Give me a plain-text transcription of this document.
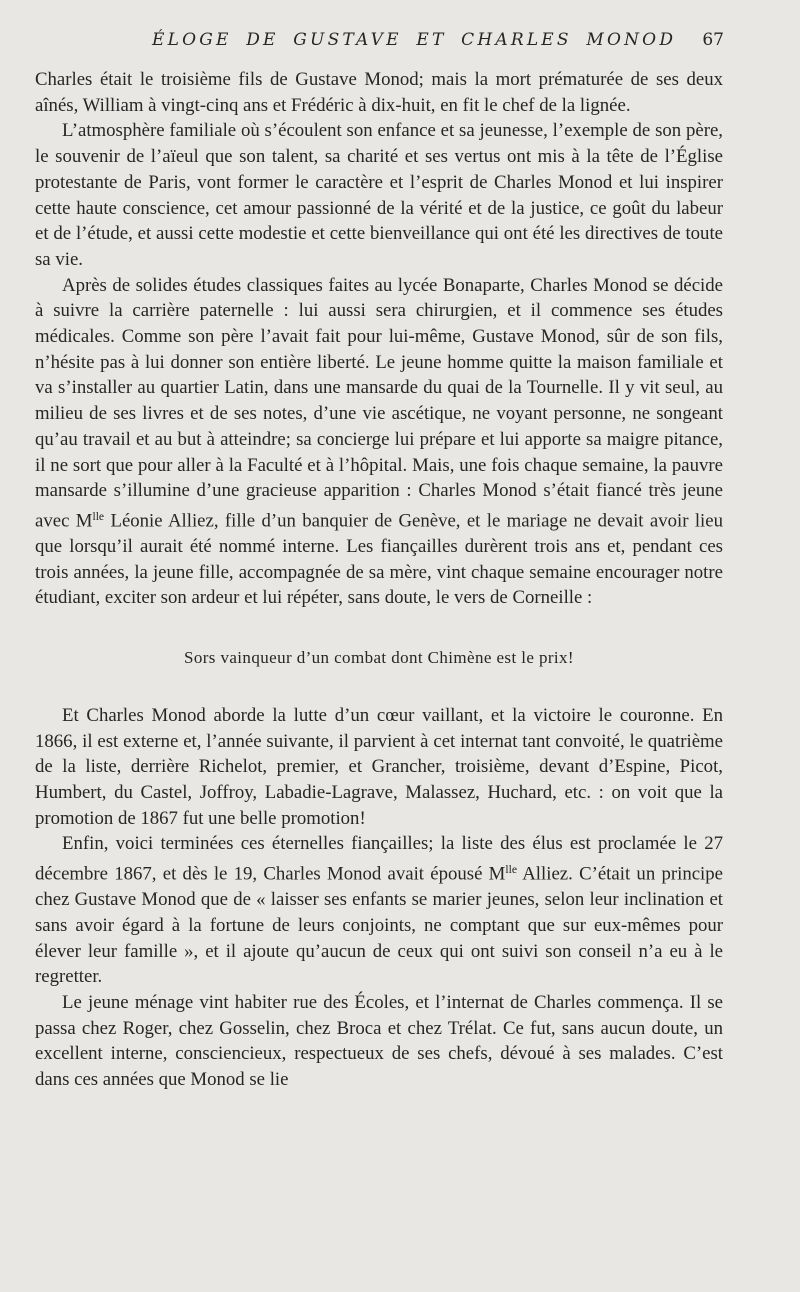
ÉLOGE DE GUSTAVE ET CHARLES MONOD 67

Charles était le troisième fils de Gustave Monod; mais la mort prématurée de ses deux aînés, William à vingt-cinq ans et Frédéric à dix-huit, en fit le chef de la lignée.

L’atmosphère familiale où s’écoulent son enfance et sa jeunesse, l’exemple de son père, le souvenir de l’aïeul que son talent, sa charité et ses vertus ont mis à la tête de l’Église protestante de Paris, vont former le caractère et l’esprit de Charles Monod et lui inspirer cette haute conscience, cet amour passionné de la vérité et de la justice, ce goût du labeur et de l’étude, et aussi cette modestie et cette bienveillance qui ont été les directives de toute sa vie.

Après de solides études classiques faites au lycée Bonaparte, Charles Monod se décide à suivre la carrière paternelle : lui aussi sera chirurgien, et il commence ses études médicales. Comme son père l’avait fait pour lui-même, Gustave Monod, sûr de son fils, n’hésite pas à lui donner son entière liberté. Le jeune homme quitte la maison familiale et va s’installer au quartier Latin, dans une mansarde du quai de la Tournelle. Il y vit seul, au milieu de ses livres et de ses notes, d’une vie ascétique, ne voyant personne, ne songeant qu’au travail et au but à atteindre; sa concierge lui prépare et lui apporte sa maigre pitance, il ne sort que pour aller à la Faculté et à l’hôpital. Mais, une fois chaque semaine, la pauvre mansarde s’illumine d’une gracieuse apparition : Charles Monod s’était fiancé très jeune avec $M^{lle}$ Léonie Alliez, fille d’un banquier de Genève, et le mariage ne devait avoir lieu que lorsqu’il aurait été nommé interne. Les fiançailles durèrent trois ans et, pendant ces trois années, la jeune fille, accompagnée de sa mère, vint chaque semaine encourager notre étudiant, exciter son ardeur et lui répéter, sans doute, le vers de Corneille :

Sors vainqueur d’un combat dont Chimène est le prix!

Et Charles Monod aborde la lutte d’un cœur vaillant, et la victoire le couronne. En 1866, il est externe et, l’année suivante, il parvient à cet internat tant convoité, le quatrième de la liste, derrière Richelot, premier, et Grancher, troisième, devant d’Espine, Picot, Humbert, du Castel, Joffroy, Labadie-Lagrave, Malassez, Huchard, etc. : on voit que la promotion de 1867 fut une belle promotion!

Enfin, voici terminées ces éternelles fiançailles; la liste des élus est proclamée le 27 décembre 1867, et dès le 19, Charles Monod avait épousé $M^{lle}$ Alliez. C’était un principe chez Gustave Monod que de « laisser ses enfants se marier jeunes, selon leur inclination et sans avoir égard à la fortune de leurs conjoints, ne comptant que sur eux-mêmes pour élever leur famille », et il ajoute qu’aucun de ceux qui ont suivi son conseil n’a eu à le regretter.

Le jeune ménage vint habiter rue des Écoles, et l’internat de Charles commença. Il se passa chez Roger, chez Gosselin, chez Broca et chez Trélat. Ce fut, sans aucun doute, un excellent interne, consciencieux, respectueux de ses chefs, dévoué à ses malades. C’est dans ces années que Monod se lie
